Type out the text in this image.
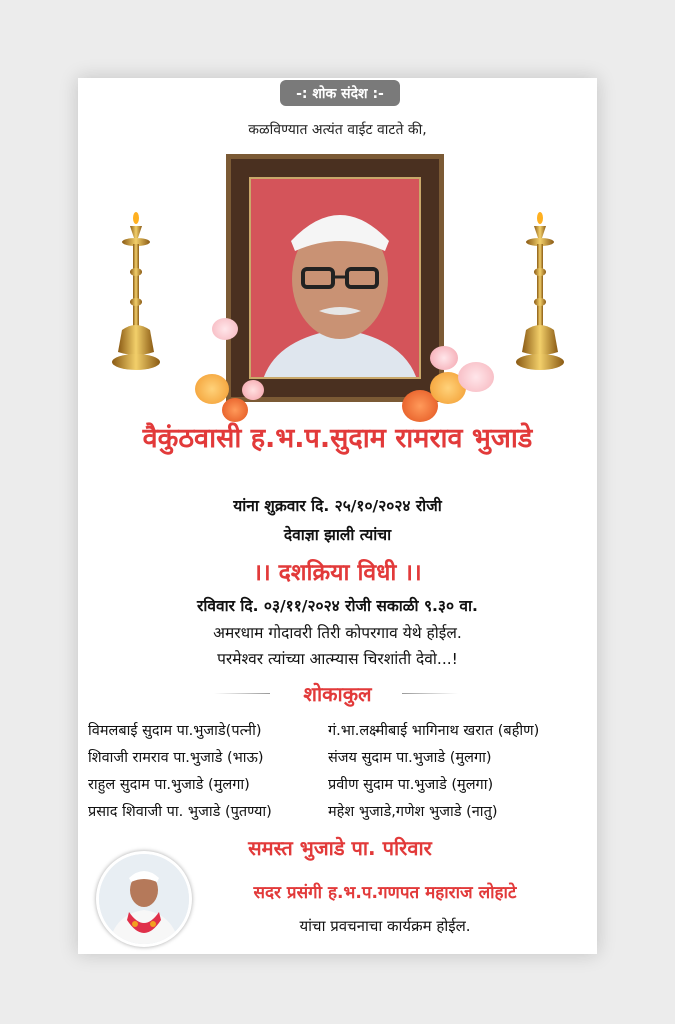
-: शोक संदेश :-
कळविण्यात अत्यंत वाईट वाटते की,
वैकुंठवासी ह.भ.प.सुदाम रामराव भुजाडे
यांना शुक्रवार दि. २५/१०/२०२४ रोजी
देवाज्ञा झाली त्यांचा
।। दशक्रिया विधी ।।
रविवार दि. ०३/११/२०२४ रोजी सकाळी ९.३० वा.
अमरधाम गोदावरी तिरी कोपरगाव येथे होईल.
परमेश्वर त्यांच्या आत्म्यास चिरशांती देवो...!
शोकाकुल
विमलबाई सुदाम पा.भुजाडे(पत्नी)
शिवाजी रामराव पा.भुजाडे (भाऊ)
राहुल सुदाम पा.भुजाडे (मुलगा)
प्रसाद शिवाजी पा. भुजाडे (पुतण्या)
गं.भा.लक्ष्मीबाई भागिनाथ खरात (बहीण)
संजय सुदाम पा.भुजाडे (मुलगा)
प्रवीण सुदाम पा.भुजाडे (मुलगा)
महेश भुजाडे,गणेश भुजाडे (नातु)
समस्त भुजाडे पा. परिवार
सदर प्रसंगी ह.भ.प.गणपत महाराज लोहाटे
यांचा प्रवचनाचा कार्यक्रम होईल.
